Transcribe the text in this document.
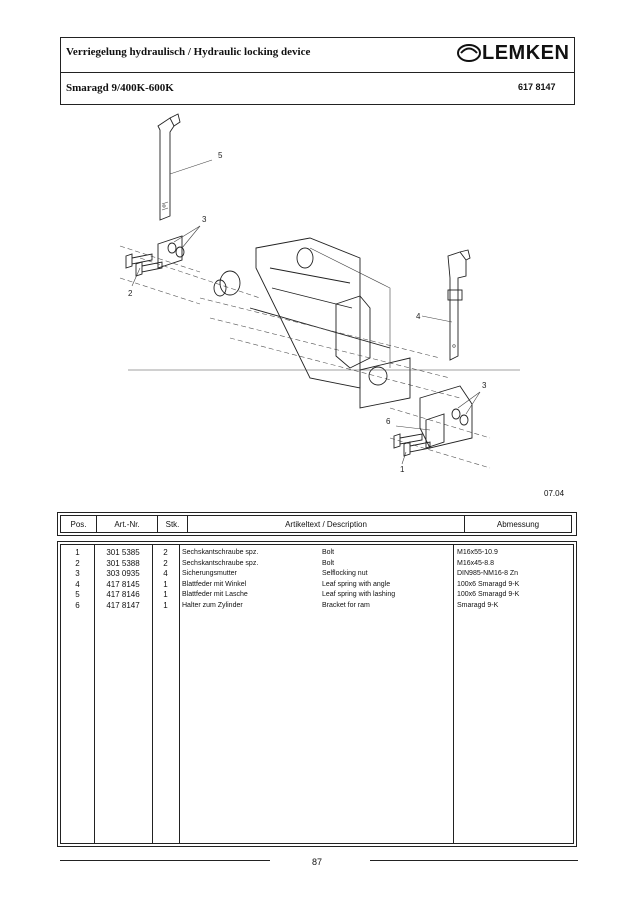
Verriegelung hydraulisch / Hydraulic locking device	LEMKEN
Smaragd 9/400K-600K	617 8147
5
3
2
4
3
6
1
07.04
Pos.	Art.-Nr.	Stk.	Artikeltext / Description	Abmessung
1	301 5385	2	Sechskantschraube spz.	Bolt	M16x55-10.9
2	301 5388	2	Sechskantschraube spz.	Bolt	M16x45-8.8
3	303 0935	4	Sicherungsmutter	Selflocking nut	DIN985-NM16-8 Zn
4	417 8145	1	Blattfeder mit Winkel	Leaf spring with angle	100x6 Smaragd 9-K
5	417 8146	1	Blattfeder mit Lasche	Leaf spring with lashing	100x6 Smaragd 9-K
6	417 8147	1	Halter zum Zylinder	Bracket for ram	Smaragd 9-K
87
